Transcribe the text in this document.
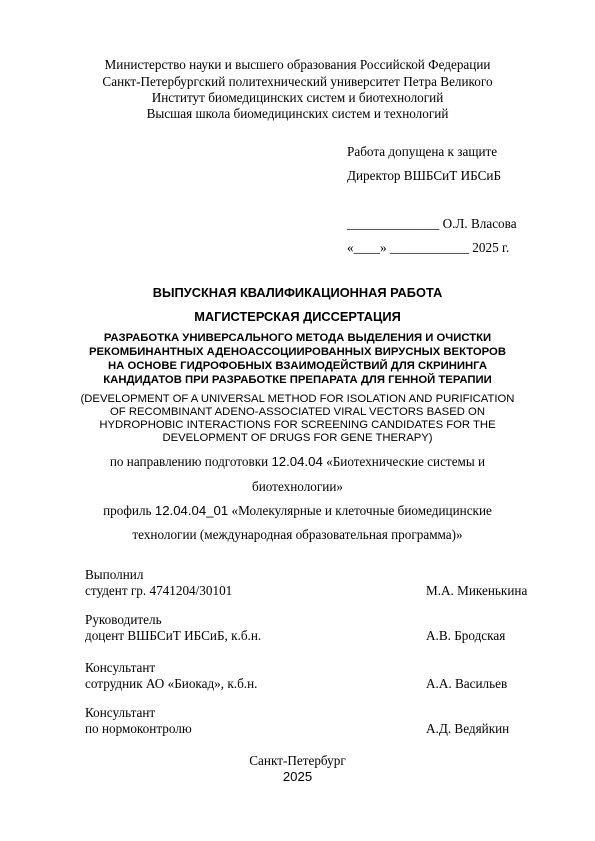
Министерство науки и высшего образования Российской Федерации
Санкт-Петербургский политехнический университет Петра Великого
Институт биомедицинских систем и биотехнологий
Высшая школа биомедицинских систем и технологий
Работа допущена к защите
Директор ВШБСиТ ИБСиБ
______________ О.Л. Власова
«____» ____________ 2025 г.
ВЫПУСКНАЯ КВАЛИФИКАЦИОННАЯ РАБОТА
МАГИСТЕРСКАЯ ДИССЕРТАЦИЯ
РАЗРАБОТКА УНИВЕРСАЛЬНОГО МЕТОДА ВЫДЕЛЕНИЯ И ОЧИСТКИ
РЕКОМБИНАНТНЫХ АДЕНОАССОЦИИРОВАННЫХ ВИРУСНЫХ ВЕКТОРОВ
НА ОСНОВЕ ГИДРОФОБНЫХ ВЗАИМОДЕЙСТВИЙ ДЛЯ СКРИНИНГА
КАНДИДАТОВ ПРИ РАЗРАБОТКЕ ПРЕПАРАТА ДЛЯ ГЕННОЙ ТЕРАПИИ
(DEVELOPMENT OF A UNIVERSAL METHOD FOR ISOLATION AND PURIFICATION
OF RECOMBINANT ADENO-ASSOCIATED VIRAL VECTORS BASED ON
HYDROPHOBIC INTERACTIONS FOR SCREENING CANDIDATES FOR THE
DEVELOPMENT OF DRUGS FOR GENE THERAPY)
по направлению подготовки 12.04.04 «Биотехнические системы и
биотехнологии»
профиль 12.04.04_01 «Молекулярные и клеточные биомедицинские
технологии (международная образовательная программа)»
Выполнил
студент гр. 4741204/30101	М.А. Микенькина
Руководитель
доцент ВШБСиТ ИБСиБ, к.б.н.	А.В. Бродская
Консультант
сотрудник АО «Биокад», к.б.н.	А.А. Васильев
Консультант
по нормоконтролю	А.Д. Ведяйкин
Санкт-Петербург
2025
